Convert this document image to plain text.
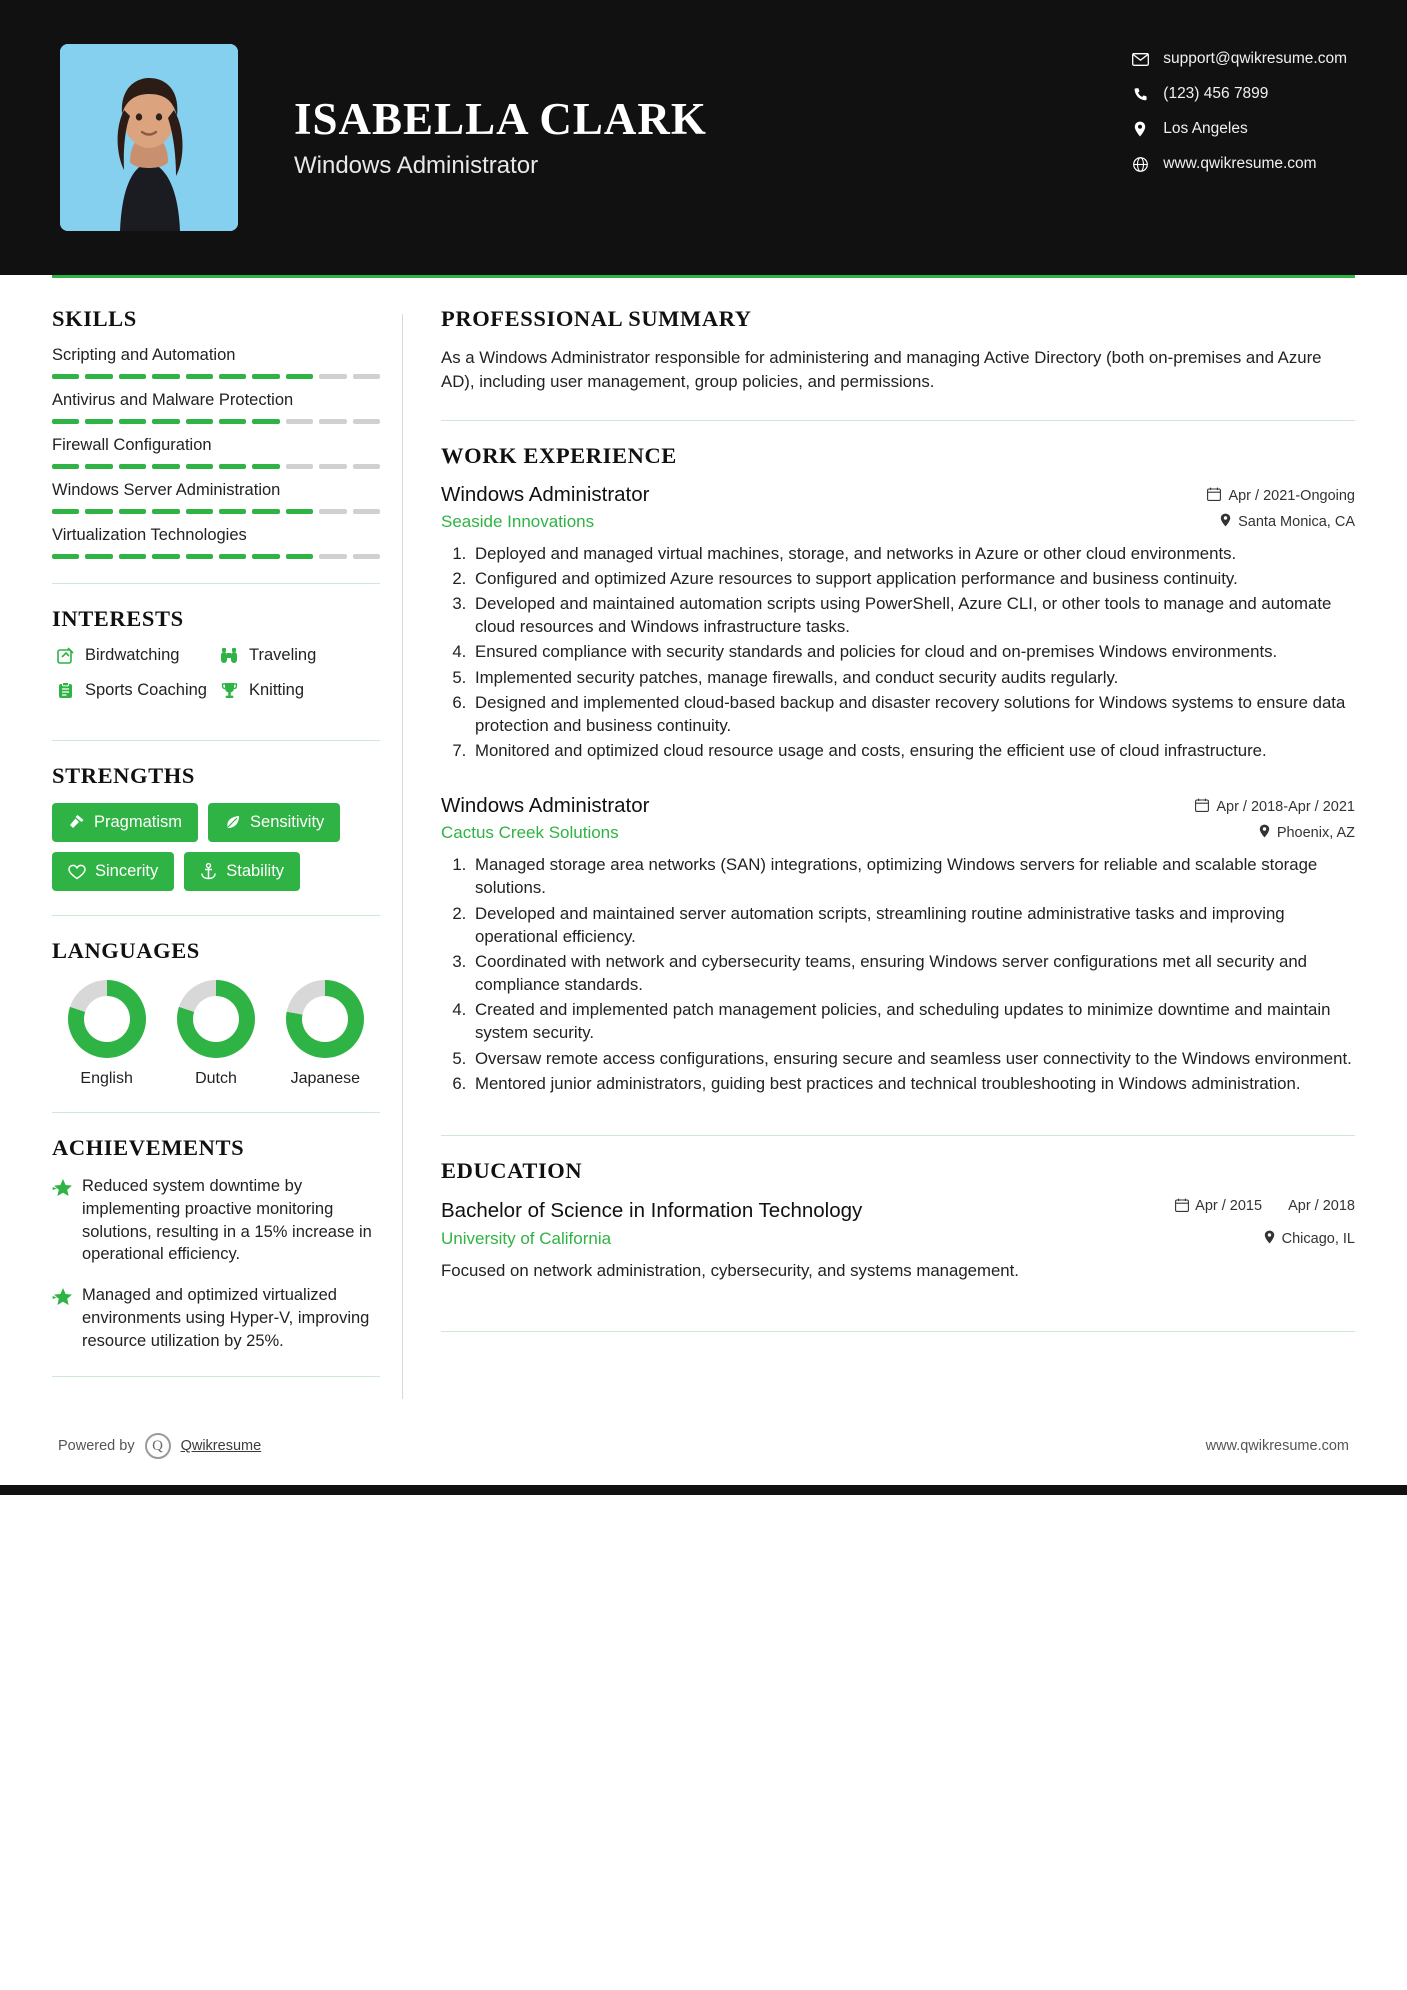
ISABELLA CLARK
Windows Administrator
support@qwikresume.com
(123) 456 7899
Los Angeles
www.qwikresume.com
SKILLS
Scripting and Automation
Antivirus and Malware Protection
Firewall Configuration
Windows Server Administration
Virtualization Technologies
INTERESTS
Birdwatching	Traveling
Sports Coaching	Knitting
STRENGTHS
Pragmatism	Sensitivity
Sincerity	Stability
LANGUAGES
English	Dutch	Japanese
ACHIEVEMENTS
Reduced system downtime by implementing proactive monitoring solutions, resulting in a 15% increase in operational efficiency.
Managed and optimized virtualized environments using Hyper-V, improving resource utilization by 25%.
PROFESSIONAL SUMMARY

As a Windows Administrator responsible for administering and managing Active Directory (both on-premises and Azure AD), including user management, group policies, and permissions.

WORK EXPERIENCE
Windows Administrator	Apr / 2021-Ongoing
Seaside Innovations	Santa Monica, CA
1. Deployed and managed virtual machines, storage, and networks in Azure or other cloud environments.
2. Configured and optimized Azure resources to support application performance and business continuity.
3. Developed and maintained automation scripts using PowerShell, Azure CLI, or other tools to manage and automate cloud resources and Windows infrastructure tasks.
4. Ensured compliance with security standards and policies for cloud and on-premises Windows environments.
5. Implemented security patches, manage firewalls, and conduct security audits regularly.
6. Designed and implemented cloud-based backup and disaster recovery solutions for Windows systems to ensure data protection and business continuity.
7. Monitored and optimized cloud resource usage and costs, ensuring the efficient use of cloud infrastructure.
Windows Administrator	Apr / 2018-Apr / 2021
Cactus Creek Solutions	Phoenix, AZ
1. Managed storage area networks (SAN) integrations, optimizing Windows servers for reliable and scalable storage solutions.
2. Developed and maintained server automation scripts, streamlining routine administrative tasks and improving operational efficiency.
3. Coordinated with network and cybersecurity teams, ensuring Windows server configurations met all security and compliance standards.
4. Created and implemented patch management policies, and scheduling updates to minimize downtime and maintain system security.
5. Oversaw remote access configurations, ensuring secure and seamless user connectivity to the Windows environment.
6. Mentored junior administrators, guiding best practices and technical troubleshooting in Windows administration.
EDUCATION
Bachelor of Science in Information Technology	Apr / 2015 Apr / 2018
University of California	Chicago, IL
Focused on network administration, cybersecurity, and systems management.
Powered by	Q	Qwikresume	www.qwikresume.com
